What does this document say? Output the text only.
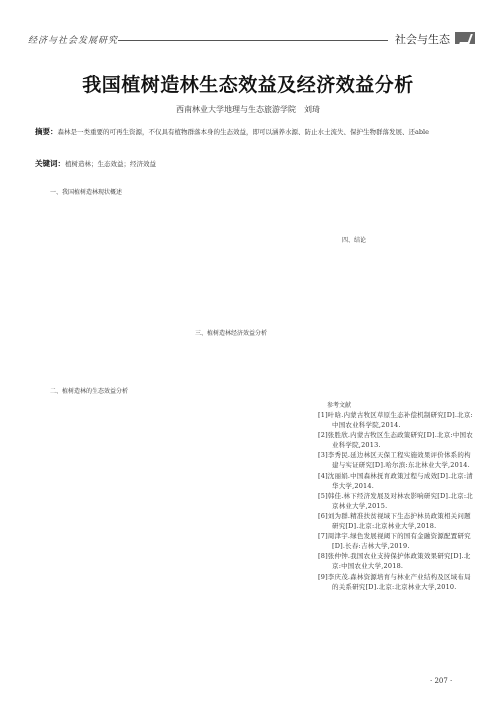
经济与社会发展研究	社会与生态
我国植树造林生态效益及经济效益分析
西南林业大学地理与生态旅游学院　刘琦
摘要：森林是一类重要的可再生资源，不仅具有植物群落本身的生态效益，即可以涵养水源、防止水土流失、保护生物群落发展、还able
关键词：植树造林；生态效益；经济效益
一、我国植树造林现状概述
二、植树造林的生态效益分析
三、植树造林经济效益分析
四、结论
参考文献
[1]叶晗.内蒙古牧区草原生态补偿机制研究[D].北京:中国农业科学院,2014.
[2]张胜欣.内蒙古牧区生态政策研究[D].北京:中国农业科学院,2013.
[3]李秀民.延边林区天保工程实施效果评价体系的构建与实证研究[D].哈尔滨:东北林业大学,2014.
[4]沈丽娟.中国森林抚育政策过程与成效[D].北京:清华大学,2014.
[5]韩佳.林下经济发展及对林农影响研究[D].北京:北京林业大学,2015.
[6]刘为群.精准扶贫视域下生态护林员政策相关问题研究[D].北京:北京林业大学,2018.
[7]周津宇.绿色发展视阈下的国有金融资源配置研究[D].长春:吉林大学,2019.
[8]张仲钟.我国农业支持保护体政策效果研究[D].北京:中国农业大学,2018.
[9]李庆茂.森林资源培育与林业产业结构及区域布局的关系研究[D].北京:北京林业大学,2010.
· 207 ·
